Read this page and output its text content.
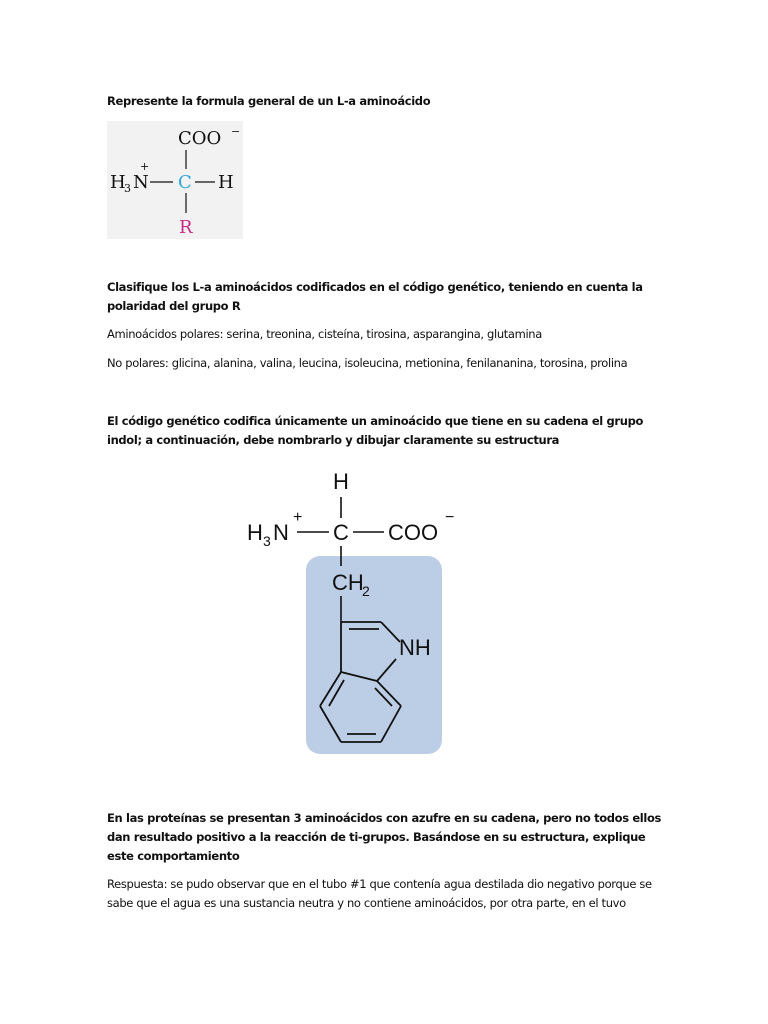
Represente la formula general de un L-a aminoácido

COO −
H
3 N
+
C H
R

Clasifique los L-a aminoácidos codificados en el código genético, teniendo en cuenta la polaridad del grupo R

Aminoácidos polares: serina, treonina, cisteína, tirosina, asparangina, glutamina

No polares: glicina, alanina, valina, leucina, isoleucina, metionina, fenilananina, torosina, prolina

El código genético codifica únicamente un aminoácido que tiene en su cadena el grupo indol; a continuación, debe nombrarlo y dibujar claramente su estructura

H
H 3 N
+
C COO
−
CH
2
NH

En las proteínas se presentan 3 aminoácidos con azufre en su cadena, pero no todos ellos dan resultado positivo a la reacción de ti-grupos. Basándose en su estructura, explique este comportamiento

Respuesta: se pudo observar que en el tubo #1 que contenía agua destilada dio negativo porque se sabe que el agua es una sustancia neutra y no contiene aminoácidos, por otra parte, en el tuvo
